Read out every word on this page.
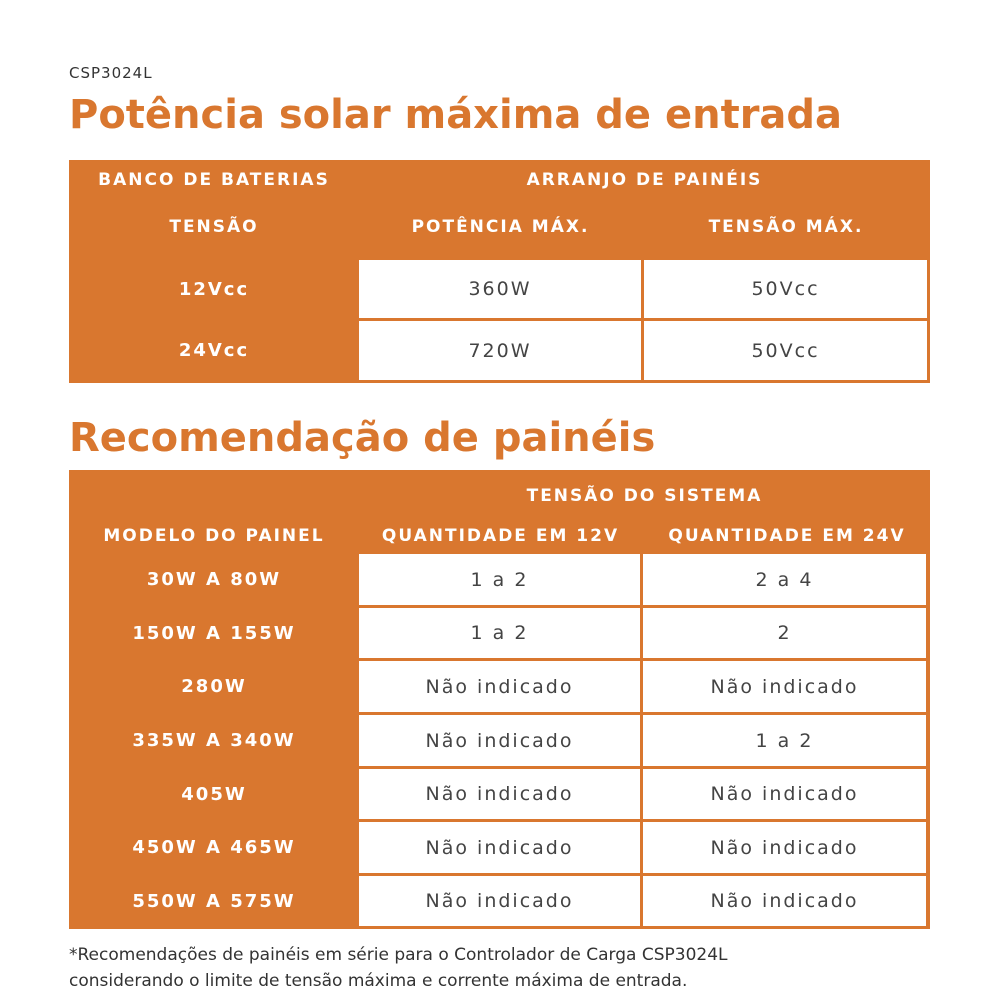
CSP3024L
Potência solar máxima de entrada
BANCO DE BATERIAS	ARRANJO DE PAINÉIS
TENSÃO	POTÊNCIA MÁX.	TENSÃO MÁX.
12Vcc	360W	50Vcc
24Vcc	720W	50Vcc
Recomendação de painéis
TENSÃO DO SISTEMA
MODELO DO PAINEL	QUANTIDADE EM 12V	QUANTIDADE EM 24V
30W A 80W	1 a 2	2 a 4
150W A 155W	1 a 2	2
280W	Não indicado	Não indicado
335W A 340W	Não indicado	1 a 2
405W	Não indicado	Não indicado
450W A 465W	Não indicado	Não indicado
550W A 575W	Não indicado	Não indicado
*Recomendações de painéis em série para o Controlador de Carga CSP3024L
considerando o limite de tensão máxima e corrente máxima de entrada.
